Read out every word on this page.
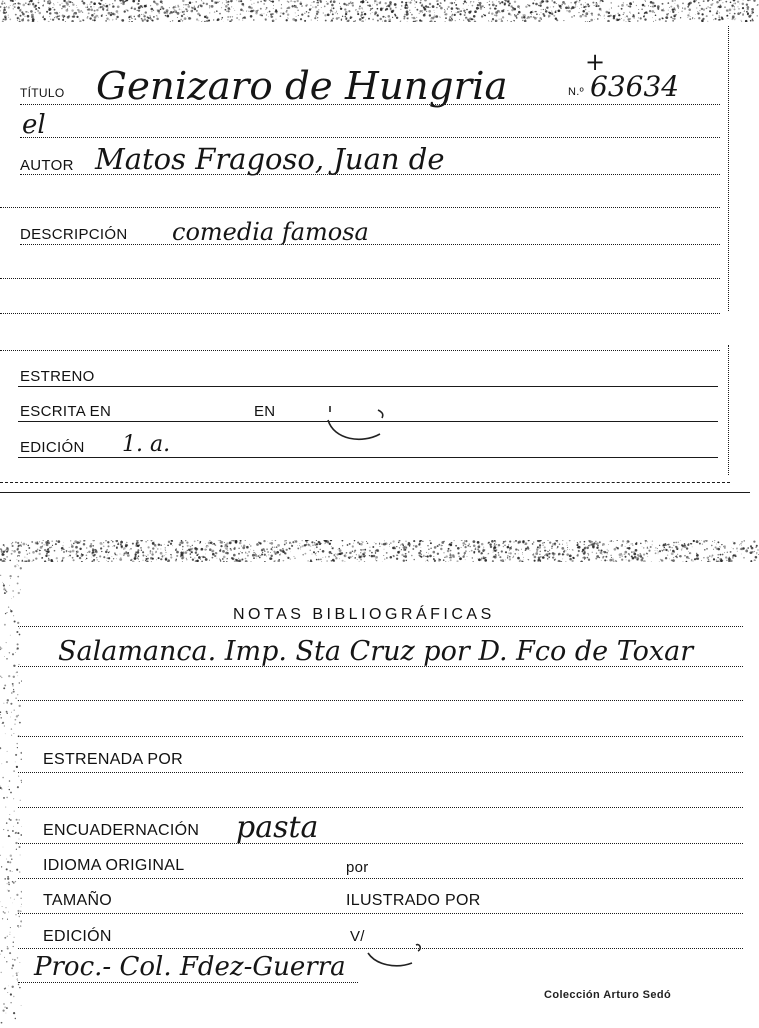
TÍTULO Genizaro de Hungria	N.º 63634
+
el
AUTOR Matos Fragoso, Juan de
DESCRIPCIÓN comedia famosa
ESTRENO
ESCRITA EN	EN
EDICIÓN 1. a.
NOTAS BIBLIOGRÁFICAS
Salamanca. Imp. Sta Cruz por D. Fco de Toxar
ESTRENADA POR
ENCUADERNACIÓN pasta
IDIOMA ORIGINAL	por
TAMAÑO	ILUSTRADO POR
EDICIÓN	V/
Proc.- Col. Fdez-Guerra
Colección Arturo Sedó
